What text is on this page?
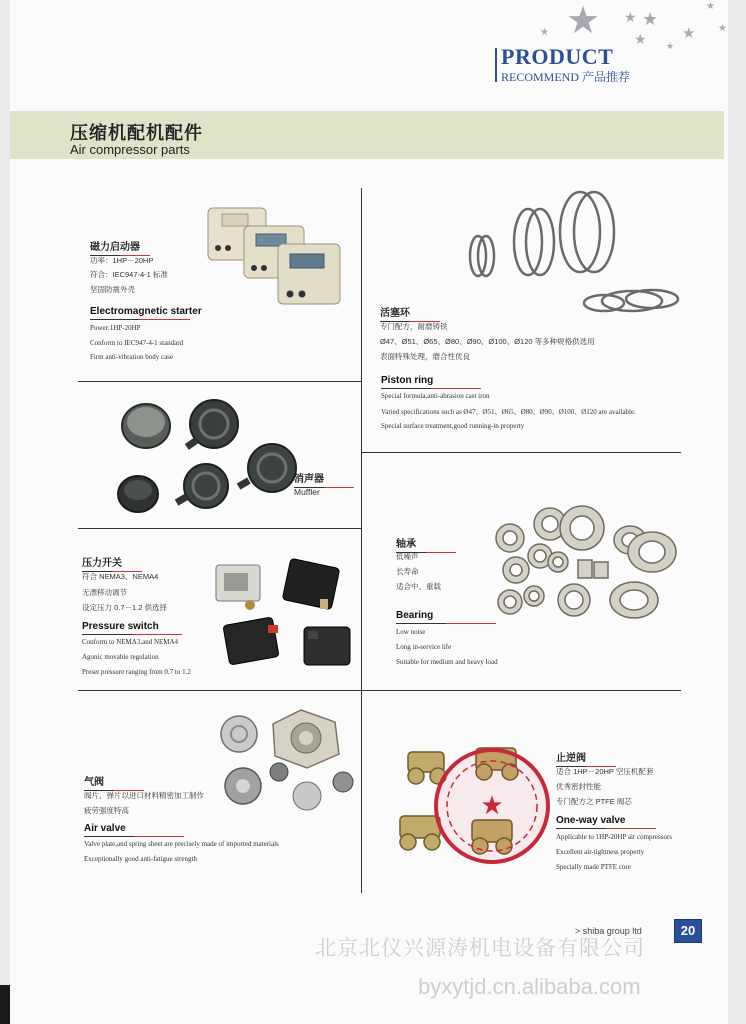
★ ★ ★
★ ★
★
★
★
★
PRODUCT
RECOMMEND 产品推荐
压缩机配机配件
Air compressor parts
磁力启动器
功率：1HP－20HP
符合：IEC947-4-1 标准
坚固防震外壳
Electromagnetic starter
Power:1HP-20HP
Conform to IEC947-4-1 standard
Firm anti-vibration body case
活塞环
专门配方，耐磨铸铁
Ø47、Ø51、Ø65、Ø80、Ø90、Ø100、Ø120 等多种规格供选用
表面特殊处理，磨合性优良
Piston ring
Special formula,anti-abrasion cast iron
Varied specifications such as Ø47、Ø51、Ø65、Ø80、Ø90、Ø100、Ø120 are available.
Special surface treatment,good running-in property
消声器
Muffler
压力开关
符合 NEMA3、NEMA4
无漂移动调节
设定压力 0.7－1.2 供选择
Pressure switch
Conform to NEMA3,and NEMA4
Agonic movable regulation
Preset pressure ranging from 0.7 to 1.2
轴承
低噪声
长寿命
适合中、重载
Bearing
Low noise
Long in-service life
Suitable for medium and heavy load
气阀
阀片、弹片以进口材料精密加工制作
疲劳强度特高
Air valve
Valve plate,and spring sheet are precisely made of imported materials
Exceptionally good anti-fatigue strength
★
止逆阀
适合 1HP－20HP 空压机配套
优秀密封性能
专门配方之 PTFE 阀芯
One-way valve
Applicable to 1HP-20HP air compressors
Excellent air-tightness property
Specially made PTFE core
> shiba group ltd	20
北京北仪兴源涛机电设备有限公司
byxytjd.cn.alibaba.com
